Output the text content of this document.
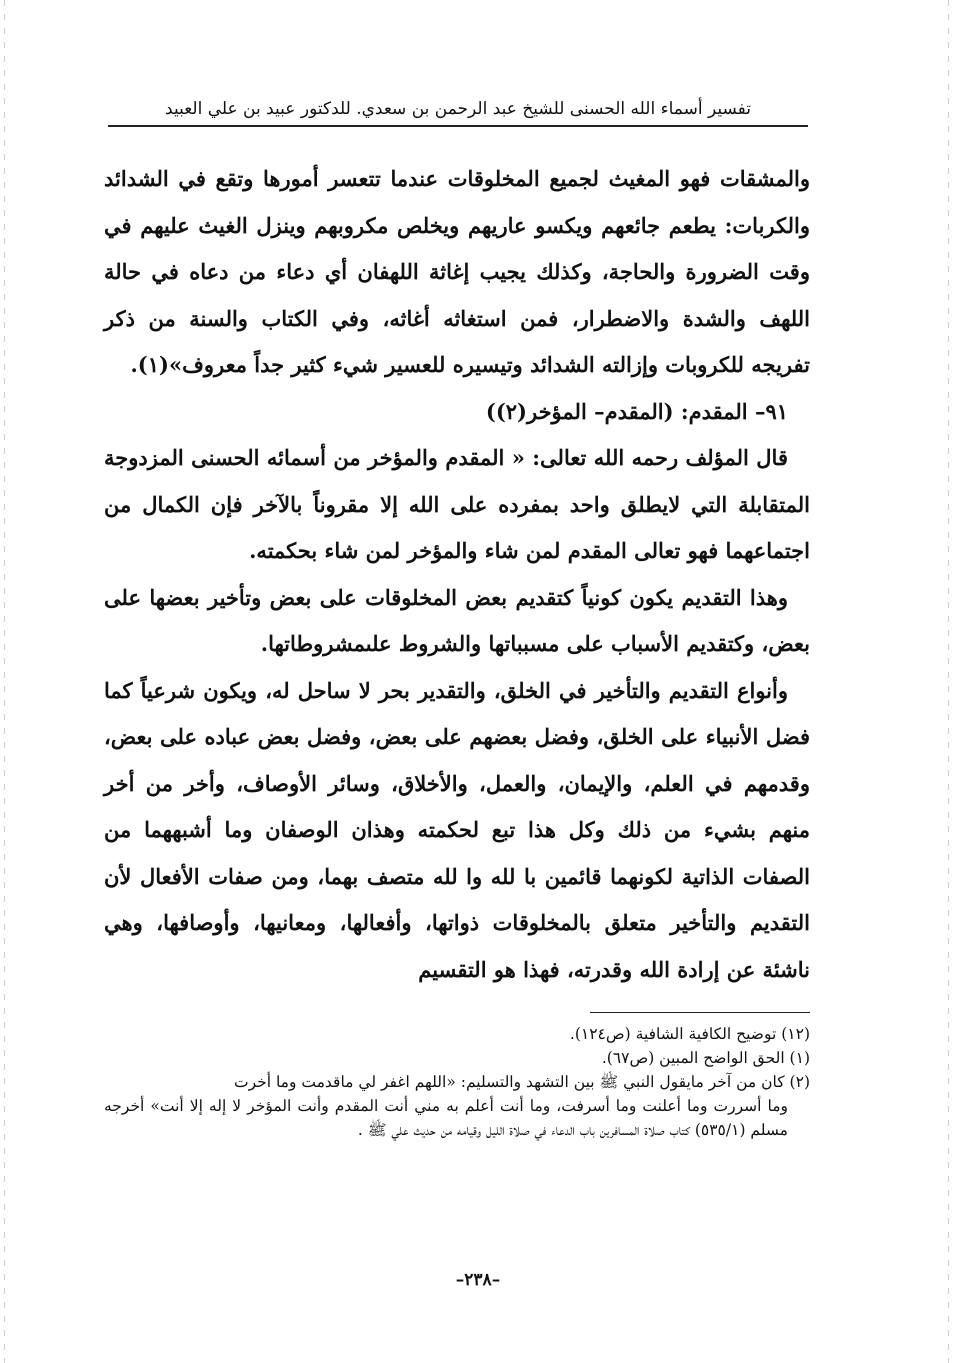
تفسير أسماء الله الحسنى للشيخ عبد الرحمن بن سعدي. للدكتور عبيد بن علي العبيد

والمشقات فهو المغيث لجميع المخلوقات عندما تتعسر أمورها وتقع في الشدائد والكربات: يطعم جائعهم ويكسو عاريهم ويخلص مكروبهم وينزل الغيث عليهم في وقت الضرورة والحاجة، وكذلك يجيب إغاثة اللهفان أي دعاء من دعاه في حالة اللهف والشدة والاضطرار، فمن استغاثه أغاثه، وفي الكتاب والسنة من ذكر تفريجه للكروبات وإزالته الشدائد وتيسيره للعسير شيء كثير جداً معروف»(١).

٩١– المقدم: (المقدم– المؤخر(٢))

قال المؤلف رحمه الله تعالى: « المقدم والمؤخر من أسمائه الحسنى المزدوجة المتقابلة التي لايطلق واحد بمفرده على الله إلا مقروناً بالآخر فإن الكمال من اجتماعهما فهو تعالى المقدم لمن شاء والمؤخر لمن شاء بحكمته.

وهذا التقديم يكون كونياً كتقديم بعض المخلوقات على بعض وتأخير بعضها على بعض، وكتقديم الأسباب على مسبباتها والشروط علىمشروطاتها.

وأنواع التقديم والتأخير في الخلق، والتقدير بحر لا ساحل له، ويكون شرعياً كما فضل الأنبياء على الخلق، وفضل بعضهم على بعض، وفضل بعض عباده على بعض، وقدمهم في العلم، والإيمان، والعمل، والأخلاق، وسائر الأوصاف، وأخر من أخر منهم بشيء من ذلك وكل هذا تبع لحكمته وهذان الوصفان وما أشبههما من الصفات الذاتية لكونهما قائمين با لله وا لله متصف بهما، ومن صفات الأفعال لأن التقديم والتأخير متعلق بالمخلوقات ذواتها، وأفعالها، ومعانيها، وأوصافها، وهي ناشئة عن إرادة الله وقدرته، فهذا هو التقسيم

(١٢) توضيح الكافية الشافية (ص١٢٤).

(١) الحق الواضح المبين (ص٦٧).

(٢) كان من آخر مايقول النبي ﷺ بين التشهد والتسليم: «اللهم اغفر لي ماقدمت وما أخرت

وما أسررت وما أعلنت وما أسرفت، وما أنت أعلم به مني أنت المقدم وأنت المؤخر لا إله إلا أنت» أخرجه مسلم (٥٣٥/١) كتاب صلاة المسافرين باب الدعاء في صلاة الليل وقيامه من حديث علي ﷺ .

–٢٣٨–
